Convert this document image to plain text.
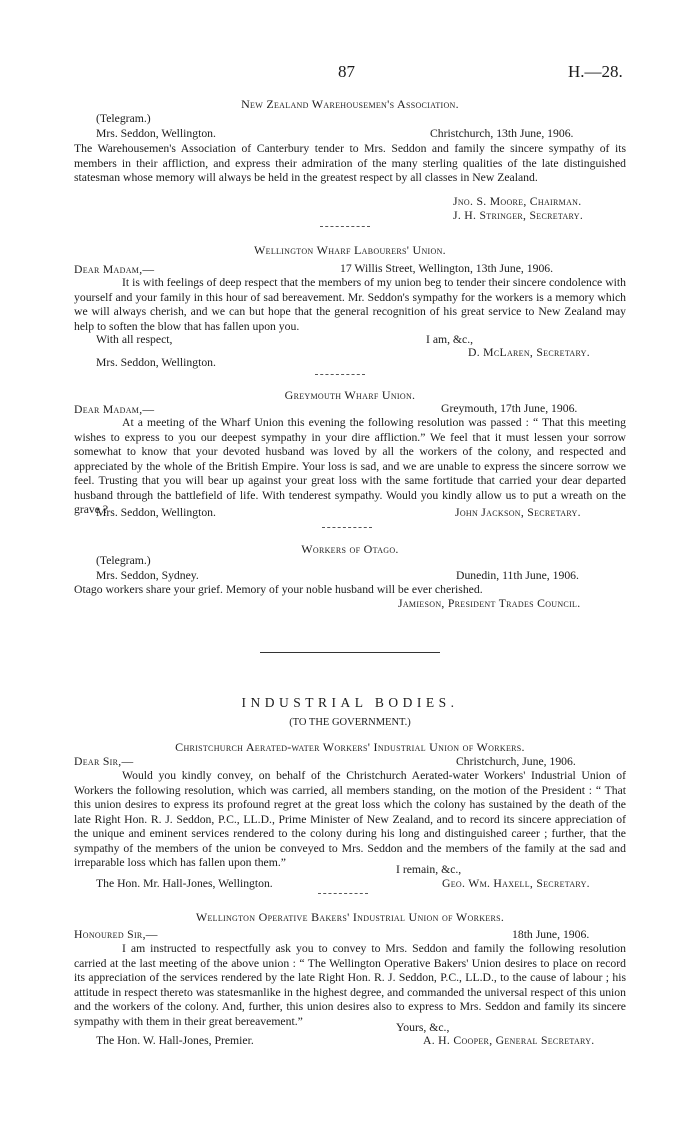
87	H.—28.
New Zealand Warehousemen's Association.
(Telegram.)
Mrs. Seddon, Wellington.	Christchurch, 13th June, 1906.
The Warehousemen's Association of Canterbury tender to Mrs. Seddon and family the sincere sympathy of its members in their affliction, and express their admiration of the many sterling qualities of the late distinguished statesman whose memory will always be held in the greatest respect by all classes in New Zealand.
Jno. S. Moore, Chairman.
J. H. Stringer, Secretary.
Wellington Wharf Labourers' Union.
Dear Madam,—	17 Willis Street, Wellington, 13th June, 1906.
It is with feelings of deep respect that the members of my union beg to tender their sincere condolence with yourself and your family in this hour of sad bereavement. Mr. Seddon's sympathy for the workers is a memory which we will always cherish, and we can but hope that the general recognition of his great service to New Zealand may help to soften the blow that has fallen upon you.
With all respect,	I am, &c.,
D. McLaren, Secretary.
Mrs. Seddon, Wellington.
Greymouth Wharf Union.
Dear Madam,—	Greymouth, 17th June, 1906.
At a meeting of the Wharf Union this evening the following resolution was passed : “ That this meeting wishes to express to you our deepest sympathy in your dire affliction.” We feel that it must lessen your sorrow somewhat to know that your devoted husband was loved by all the workers of the colony, and respected and appreciated by the whole of the British Empire. Your loss is sad, and we are unable to express the sincere sorrow we feel. Trusting that you will bear up against your great loss with the same fortitude that carried your dear departed husband through the battlefield of life. With tenderest sympathy. Would you kindly allow us to put a wreath on the grave ?
Mrs. Seddon, Wellington.	John Jackson, Secretary.
Workers of Otago.
(Telegram.)
Mrs. Seddon, Sydney.	Dunedin, 11th June, 1906.
Otago workers share your grief. Memory of your noble husband will be ever cherished.
Jamieson, President Trades Council.
INDUSTRIAL BODIES.
(TO THE GOVERNMENT.)
Christchurch Aerated-water Workers' Industrial Union of Workers.
Dear Sir,—	Christchurch, June, 1906.
Would you kindly convey, on behalf of the Christchurch Aerated-water Workers' Industrial Union of Workers the following resolution, which was carried, all members standing, on the motion of the President : “ That this union desires to express its profound regret at the great loss which the colony has sustained by the death of the late Right Hon. R. J. Seddon, P.C., LL.D., Prime Minister of New Zealand, and to record its sincere appreciation of the unique and eminent services rendered to the colony during his long and distinguished career ; further, that the sympathy of the members of the union be conveyed to Mrs. Seddon and the members of the family at the sad and irreparable loss which has fallen upon them.”
I remain, &c.,
The Hon. Mr. Hall-Jones, Wellington.	Geo. Wm. Haxell, Secretary.
Wellington Operative Bakers' Industrial Union of Workers.
Honoured Sir,—	18th June, 1906.
I am instructed to respectfully ask you to convey to Mrs. Seddon and family the following resolution carried at the last meeting of the above union : “ The Wellington Operative Bakers' Union desires to place on record its appreciation of the services rendered by the late Right Hon. R. J. Seddon, P.C., LL.D., to the cause of labour ; his attitude in respect thereto was statesmanlike in the highest degree, and commanded the universal respect of this union and the workers of the colony. And, further, this union desires also to express to Mrs. Seddon and family its sincere sympathy with them in their great bereavement.”	Yours, &c.,
The Hon. W. Hall-Jones, Premier.	A. H. Cooper, General Secretary.
